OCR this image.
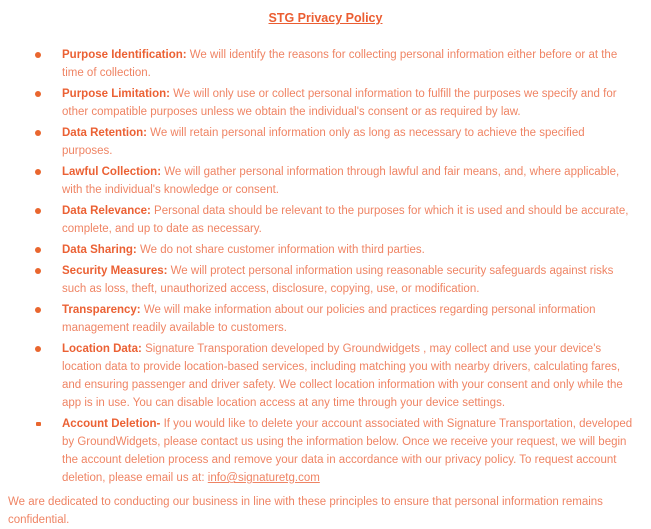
STG Privacy Policy
Purpose Identification: We will identify the reasons for collecting personal information either before or at the time of collection.
Purpose Limitation: We will only use or collect personal information to fulfill the purposes we specify and for other compatible purposes unless we obtain the individual's consent or as required by law.
Data Retention: We will retain personal information only as long as necessary to achieve the specified purposes.
Lawful Collection: We will gather personal information through lawful and fair means, and, where applicable, with the individual's knowledge or consent.
Data Relevance: Personal data should be relevant to the purposes for which it is used and should be accurate, complete, and up to date as necessary.
Data Sharing: We do not share customer information with third parties.
Security Measures: We will protect personal information using reasonable security safeguards against risks such as loss, theft, unauthorized access, disclosure, copying, use, or modification.
Transparency: We will make information about our policies and practices regarding personal information management readily available to customers.
Location Data: Signature Transporation developed by Groundwidgets , may collect and use your device's location data to provide location-based services, including matching you with nearby drivers, calculating fares, and ensuring passenger and driver safety. We collect location information with your consent and only while the app is in use. You can disable location access at any time through your device settings.
Account Deletion- If you would like to delete your account associated with Signature Transportation, developed by GroundWidgets, please contact us using the information below. Once we receive your request, we will begin the account deletion process and remove your data in accordance with our privacy policy. To request account deletion, please email us at: info@signaturetg.com

We are dedicated to conducting our business in line with these principles to ensure that personal information remains confidential.
